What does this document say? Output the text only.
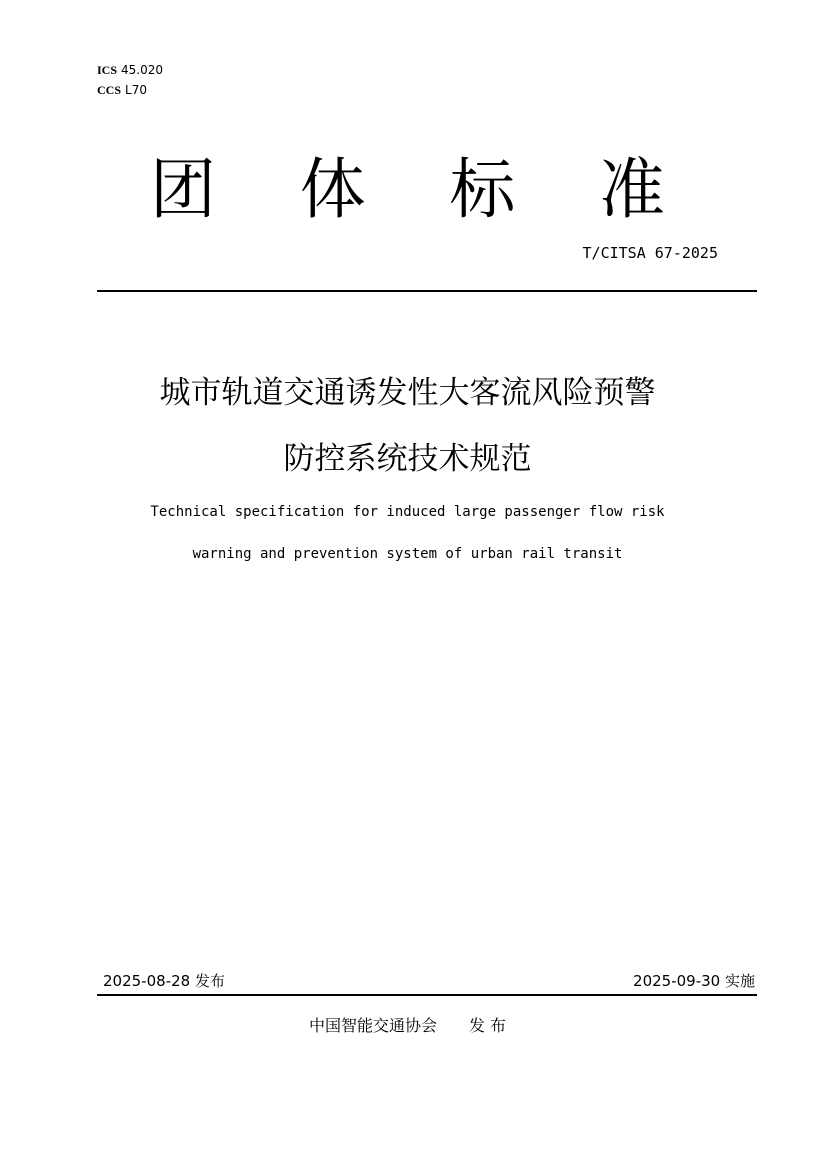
ICS 45.020
CCS L70
团 体 标 准
T/CITSA 67-2025
城市轨道交通诱发性大客流风险预警
防控系统技术规范
Technical specification for induced large passenger flow risk
warning and prevention system of urban rail transit
2025-08-28 发布	2025-09-30 实施
中国智能交通协会 发 布
